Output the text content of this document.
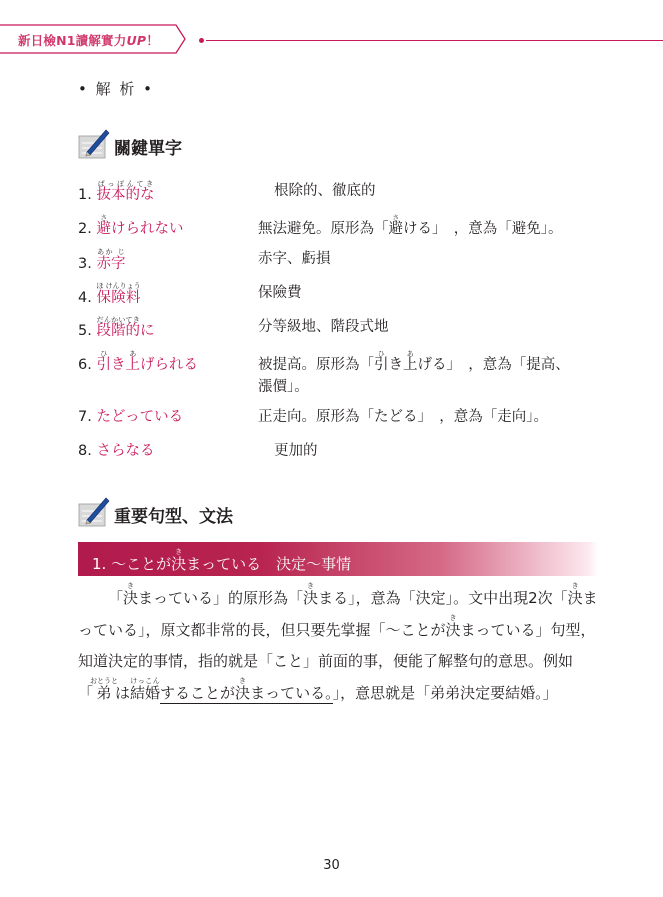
新日檢N1讀解實力UP！
• 解 析 •
關鍵單字
1. 抜本的なばっぽんてき	根除的、徹底的
2. 避さけられない	無法避免。原形為「避さける」　，意為「避免」。
3. 赤字あか じ	赤字、虧損
4. 保険料ほ けんりょう	保險費
5. 段階的だんかいてきに	分等級地、階段式地
6. 引ひき上あげられる	被提高。原形為「引ひき上あげる」　，意為「提高、
漲價」。
7. たどっている	正走向。原形為「たどる」　，意為「走向」。
8. さらなる	更加的
重要句型、文法
1. ～ことが決きまっている　決定～事情
  「決きまっている」的原形為「決きまる」，意為「決定」。文中出現2次「決きまっている」，原文都非常的長，但只要先掌握「～ことが決きまっている」句型，知道決定的事情，指的就是「こと」前面的事，便能了解整句的意思。例如「弟おとうとは結婚けっこんすることが決きまっている。」，意思就是「弟弟決定要結婚。」
30
